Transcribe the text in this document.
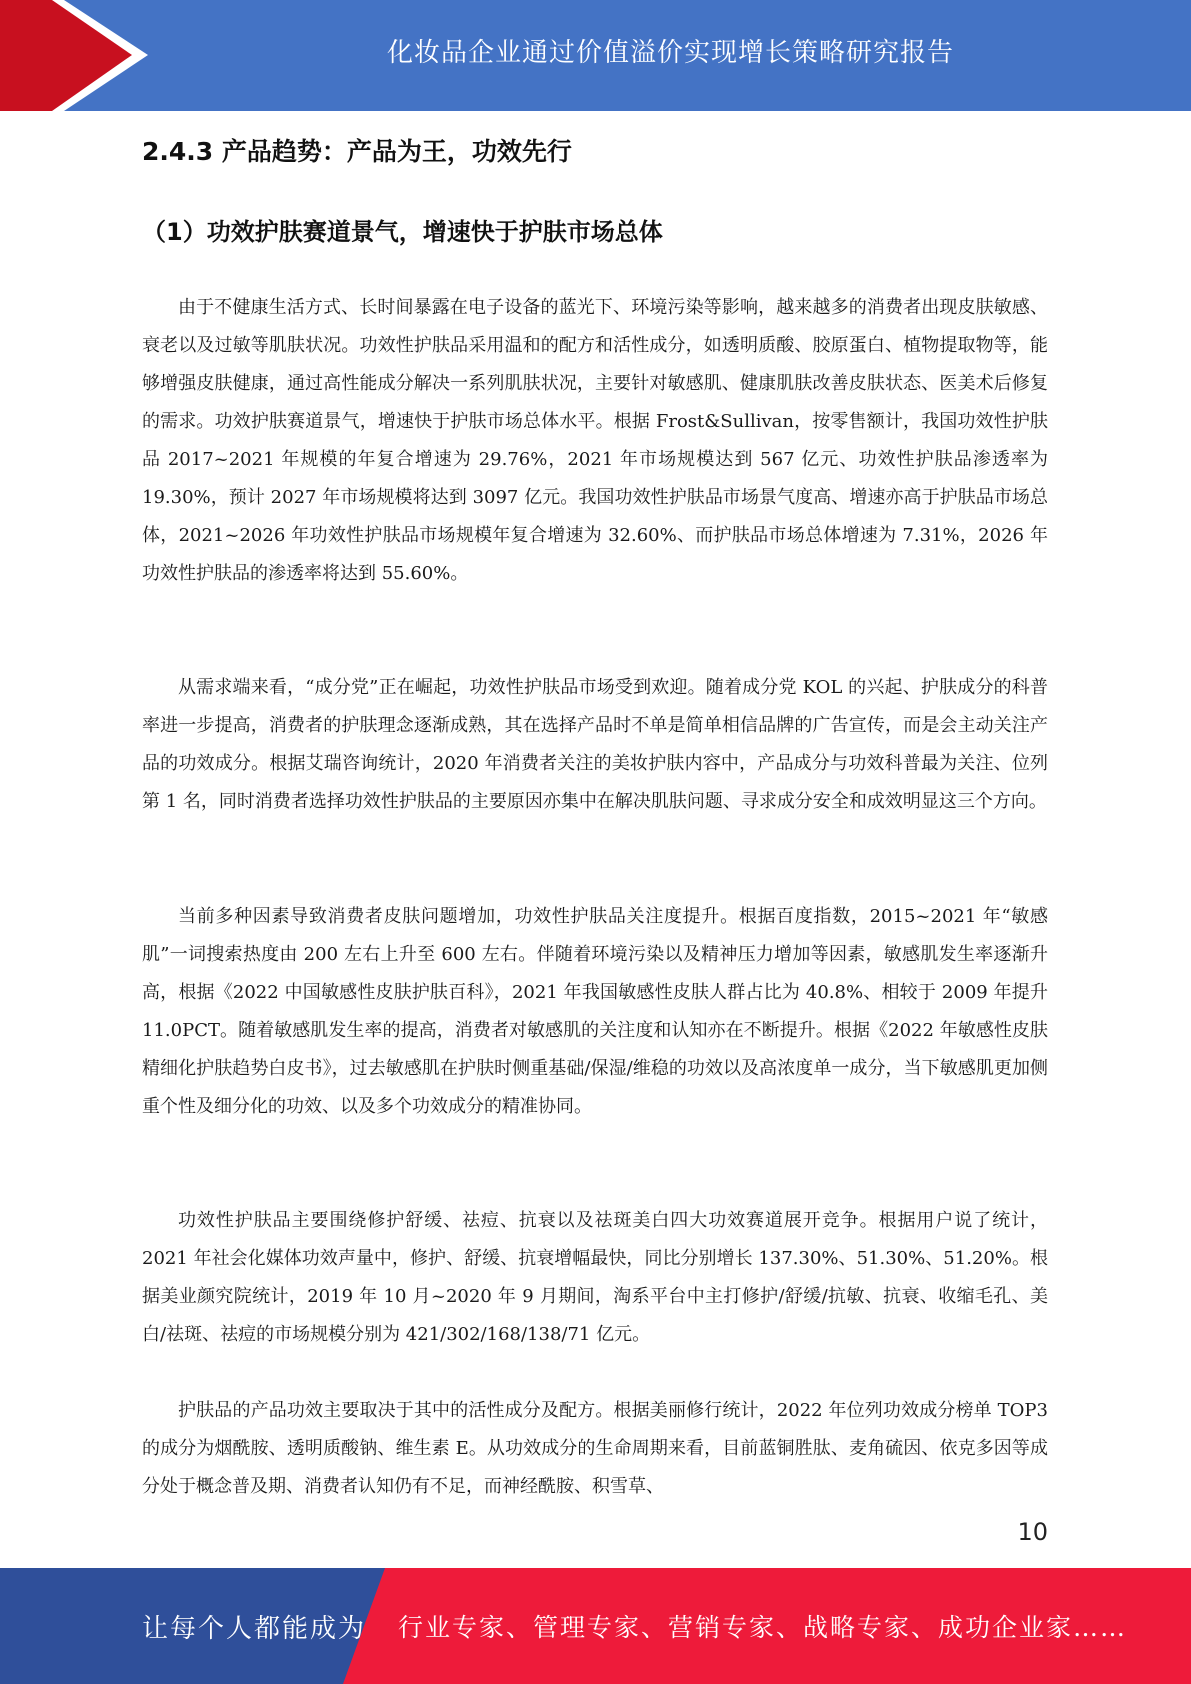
化妆品企业通过价值溢价实现增长策略研究报告
2.4.3 产品趋势：产品为王，功效先行
（1）功效护肤赛道景气，增速快于护肤市场总体

由于不健康生活方式、长时间暴露在电子设备的蓝光下、环境污染等影响，越来越多的消费者出现皮肤敏感、衰老以及过敏等肌肤状况。功效性护肤品采用温和的配方和活性成分，如透明质酸、胶原蛋白、植物提取物等，能够增强皮肤健康，通过高性能成分解决一系列肌肤状况，主要针对敏感肌、健康肌肤改善皮肤状态、医美术后修复的需求。功效护肤赛道景气，增速快于护肤市场总体水平。根据 Frost&Sullivan，按零售额计，我国功效性护肤品 2017~2021 年规模的年复合增速为 29.76%，2021 年市场规模达到 567 亿元、功效性护肤品渗透率为 19.30%，预计 2027 年市场规模将达到 3097 亿元。我国功效性护肤品市场景气度高、增速亦高于护肤品市场总体，2021~2026 年功效性护肤品市场规模年复合增速为 32.60%、而护肤品市场总体增速为 7.31%，2026 年功效性护肤品的渗透率将达到 55.60%。

从需求端来看，“成分党”正在崛起，功效性护肤品市场受到欢迎。随着成分党 KOL 的兴起、护肤成分的科普率进一步提高，消费者的护肤理念逐渐成熟，其在选择产品时不单是简单相信品牌的广告宣传，而是会主动关注产品的功效成分。根据艾瑞咨询统计，2020 年消费者关注的美妆护肤内容中，产品成分与功效科普最为关注、位列第 1 名，同时消费者选择功效性护肤品的主要原因亦集中在解决肌肤问题、寻求成分安全和成效明显这三个方向。

当前多种因素导致消费者皮肤问题增加，功效性护肤品关注度提升。根据百度指数，2015~2021 年“敏感肌”一词搜索热度由 200 左右上升至 600 左右。伴随着环境污染以及精神压力增加等因素，敏感肌发生率逐渐升高，根据《2022 中国敏感性皮肤护肤百科》，2021 年我国敏感性皮肤人群占比为 40.8%、相较于 2009 年提升 11.0PCT。随着敏感肌发生率的提高，消费者对敏感肌的关注度和认知亦在不断提升。根据《2022 年敏感性皮肤精细化护肤趋势白皮书》，过去敏感肌在护肤时侧重基础/保湿/维稳的功效以及高浓度单一成分，当下敏感肌更加侧重个性及细分化的功效、以及多个功效成分的精准协同。

功效性护肤品主要围绕修护舒缓、祛痘、抗衰以及祛斑美白四大功效赛道展开竞争。根据用户说了统计，2021 年社会化媒体功效声量中，修护、舒缓、抗衰增幅最快，同比分别增长 137.30%、51.30%、51.20%。根据美业颜究院统计，2019 年 10 月~2020 年 9 月期间，淘系平台中主打修护/舒缓/抗敏、抗衰、收缩毛孔、美白/祛斑、祛痘的市场规模分别为 421/302/168/138/71 亿元。

护肤品的产品功效主要取决于其中的活性成分及配方。根据美丽修行统计，2022 年位列功效成分榜单 TOP3 的成分为烟酰胺、透明质酸钠、维生素 E。从功效成分的生命周期来看，目前蓝铜胜肽、麦角硫因、依克多因等成分处于概念普及期、消费者认知仍有不足，而神经酰胺、积雪草、

10
让每个人都能成为 行业专家、管理专家、营销专家、战略专家、成功企业家……
